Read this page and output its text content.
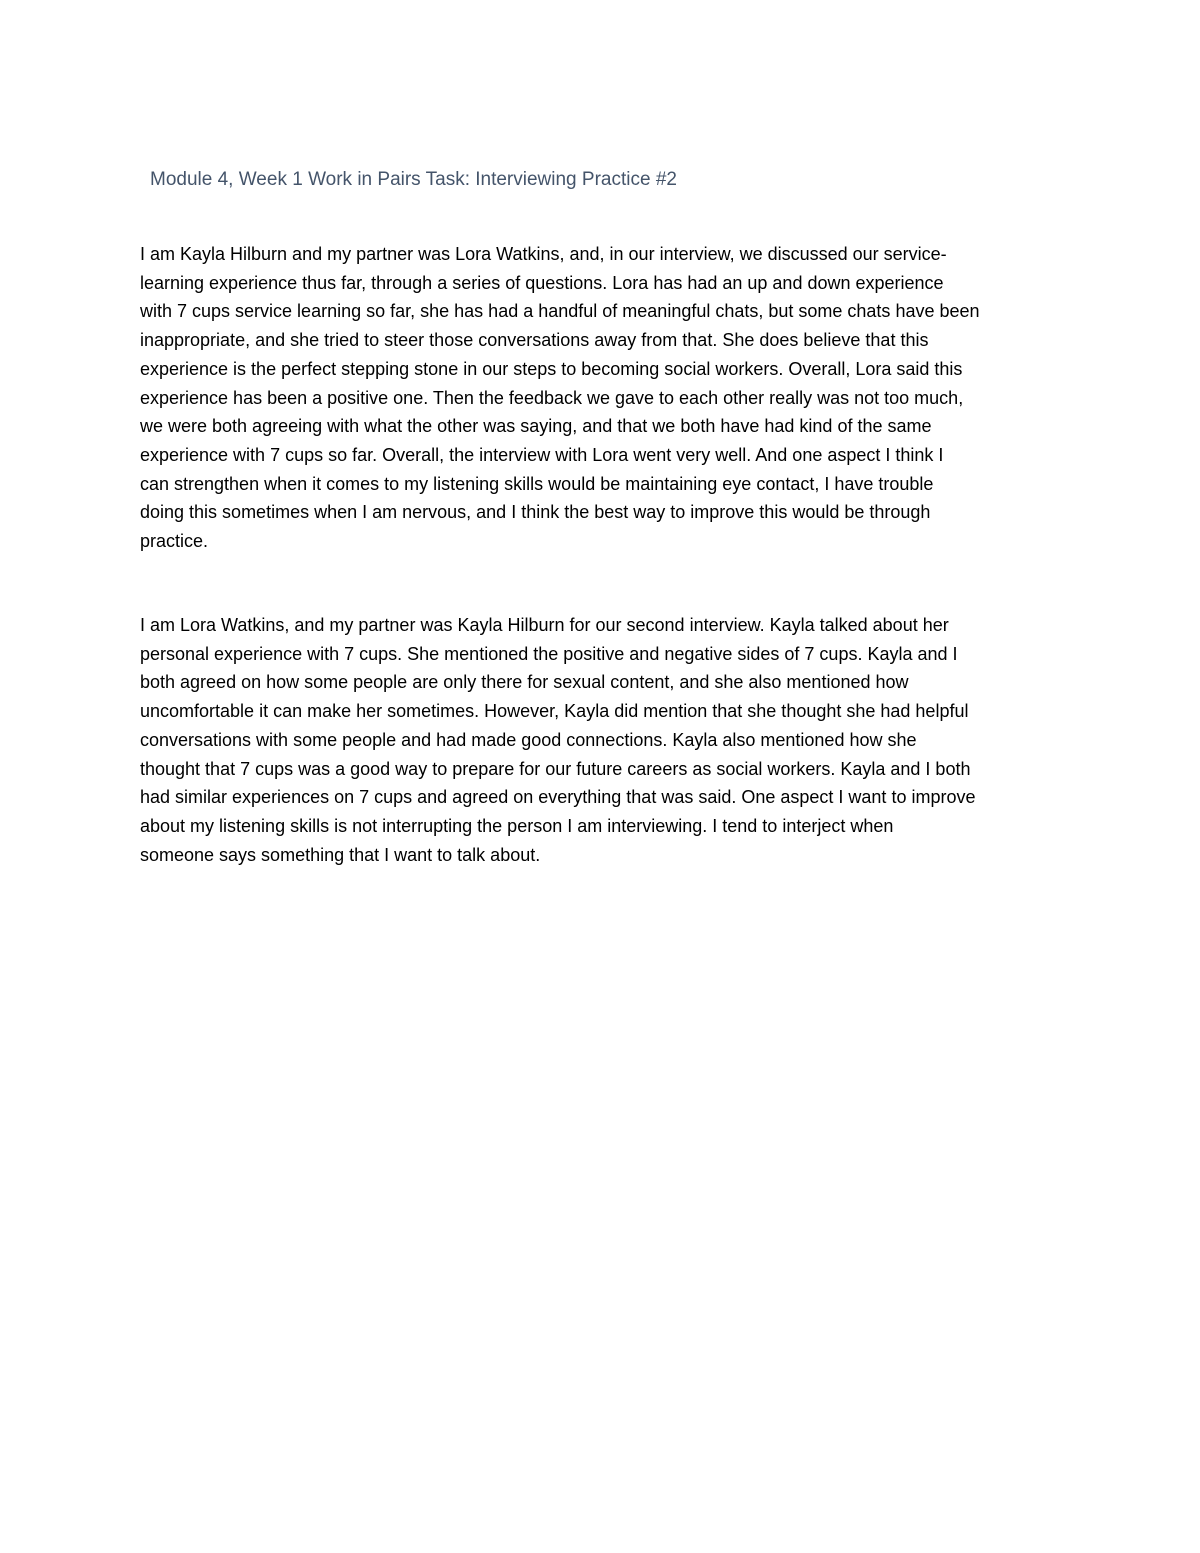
Module 4, Week 1 Work in Pairs Task: Interviewing Practice #2
I am Kayla Hilburn and my partner was Lora Watkins, and, in our interview, we discussed our service-
learning experience thus far, through a series of questions. Lora has had an up and down experience
with 7 cups service learning so far, she has had a handful of meaningful chats, but some chats have been
inappropriate, and she tried to steer those conversations away from that. She does believe that this
experience is the perfect stepping stone in our steps to becoming social workers. Overall, Lora said this
experience has been a positive one. Then the feedback we gave to each other really was not too much,
we were both agreeing with what the other was saying, and that we both have had kind of the same
experience with 7 cups so far. Overall, the interview with Lora went very well. And one aspect I think I
can strengthen when it comes to my listening skills would be maintaining eye contact, I have trouble
doing this sometimes when I am nervous, and I think the best way to improve this would be through
practice.
I am Lora Watkins, and my partner was Kayla Hilburn for our second interview. Kayla talked about her
personal experience with 7 cups. She mentioned the positive and negative sides of 7 cups. Kayla and I
both agreed on how some people are only there for sexual content, and she also mentioned how
uncomfortable it can make her sometimes. However, Kayla did mention that she thought she had helpful
conversations with some people and had made good connections. Kayla also mentioned how she
thought that 7 cups was a good way to prepare for our future careers as social workers. Kayla and I both
had similar experiences on 7 cups and agreed on everything that was said. One aspect I want to improve
about my listening skills is not interrupting the person I am interviewing. I tend to interject when
someone says something that I want to talk about.
